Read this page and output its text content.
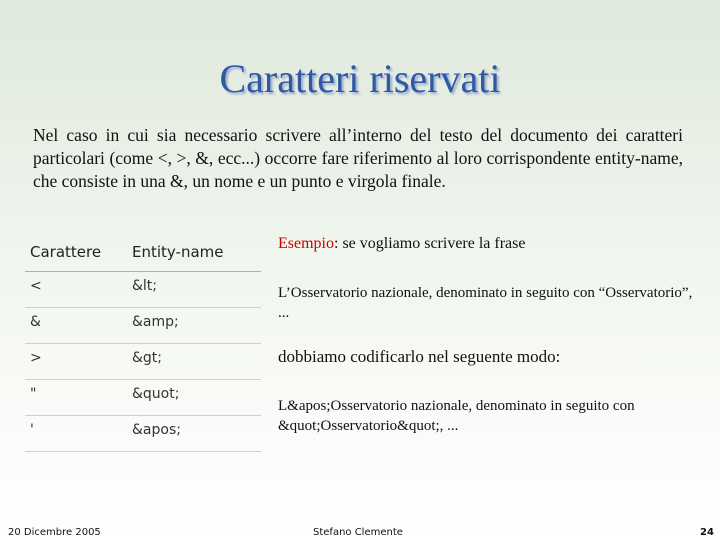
Caratteri riservati
Nel caso in cui sia necessario scrivere all’interno del testo del documento dei caratteri particolari (come <, >, &, ecc...) occorre fare riferimento al loro corrispondente entity-name, che consiste in una &, un nome e un punto e virgola finale.
Carattere Entity-name
<	&lt;
&	&amp;
>	&gt;
"	&quot;
'	&apos;
Esempio: se vogliamo scrivere la frase
L’Osservatorio nazionale, denominato in seguito con “Osservatorio”, ...
dobbiamo codificarlo nel seguente modo:
L&apos;Osservatorio nazionale, denominato in seguito con &quot;Osservatorio&quot;, ...
20 Dicembre 2005	Stefano Clemente	24
